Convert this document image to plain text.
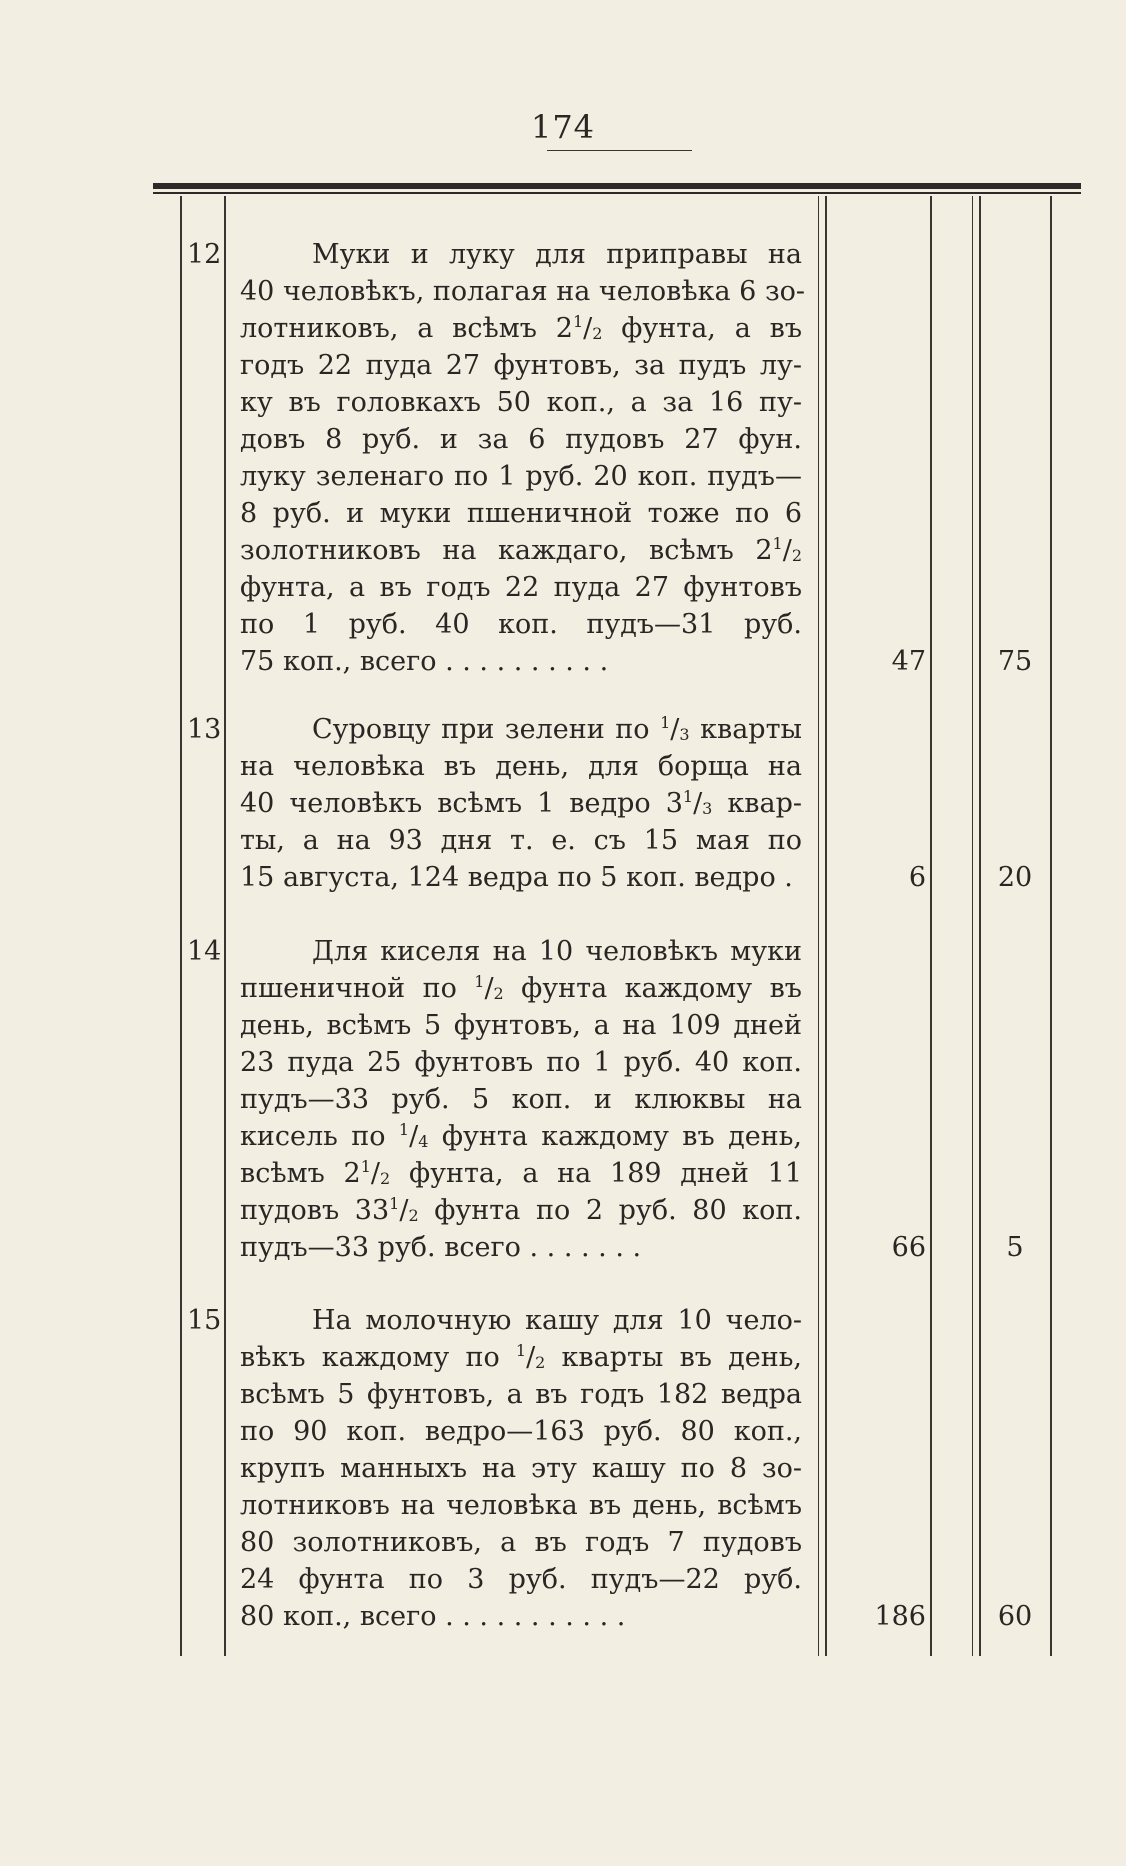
174
12	Муки и луку для приправы на
40 человѣкъ, полагая на человѣка 6 зо-
лотниковъ, а всѣмъ $2^1/_2$ фунта, а въ
годъ 22 пуда 27 фунтовъ, за пудъ лу-
ку въ головкахъ 50 коп., а за 16 пу-
довъ 8 руб. и за 6 пудовъ 27 фун.
луку зеленаго по 1 руб. 20 коп. пудъ—
8 руб. и муки пшеничной тоже по 6
золотниковъ на каждаго, всѣмъ $2^1/_2$
фунта, а въ годъ 22 пуда 27 фунтовъ
по 1 руб. 40 коп. пудъ—31 руб.
75 коп., всего . . . . . . . . . .	47	75
13	Суровцу при зелени по $^1/_3$ кварты
на человѣка въ день, для борща на
40 человѣкъ всѣмъ 1 ведро $3^1/_3$ квар-
ты, а на 93 дня т. е. съ 15 мая по
15 августа, 124 ведра по 5 коп. ведро .	6	20
14	Для киселя на 10 человѣкъ муки
пшеничной по $^1/_2$ фунта каждому въ
день, всѣмъ 5 фунтовъ, а на 109 дней
23 пуда 25 фунтовъ по 1 руб. 40 коп.
пудъ—33 руб. 5 коп. и клюквы на
кисель по $^1/_4$ фунта каждому въ день,
всѣмъ $2^1/_2$ фунта, а на 189 дней 11
пудовъ $33^1/_2$ фунта по 2 руб. 80 коп.
пудъ—33 руб. всего . . . . . . .	66	5
15	На молочную кашу для 10 чело-
вѣкъ каждому по $^1/_2$ кварты въ день,
всѣмъ 5 фунтовъ, а въ годъ 182 ведра
по 90 коп. ведро—163 руб. 80 коп.,
крупъ манныхъ на эту кашу по 8 зо-
лотниковъ на человѣка въ день, всѣмъ
80 золотниковъ, а въ годъ 7 пудовъ
24 фунта по 3 руб. пудъ—22 руб.
80 коп., всего . . . . . . . . . . .	186	60
